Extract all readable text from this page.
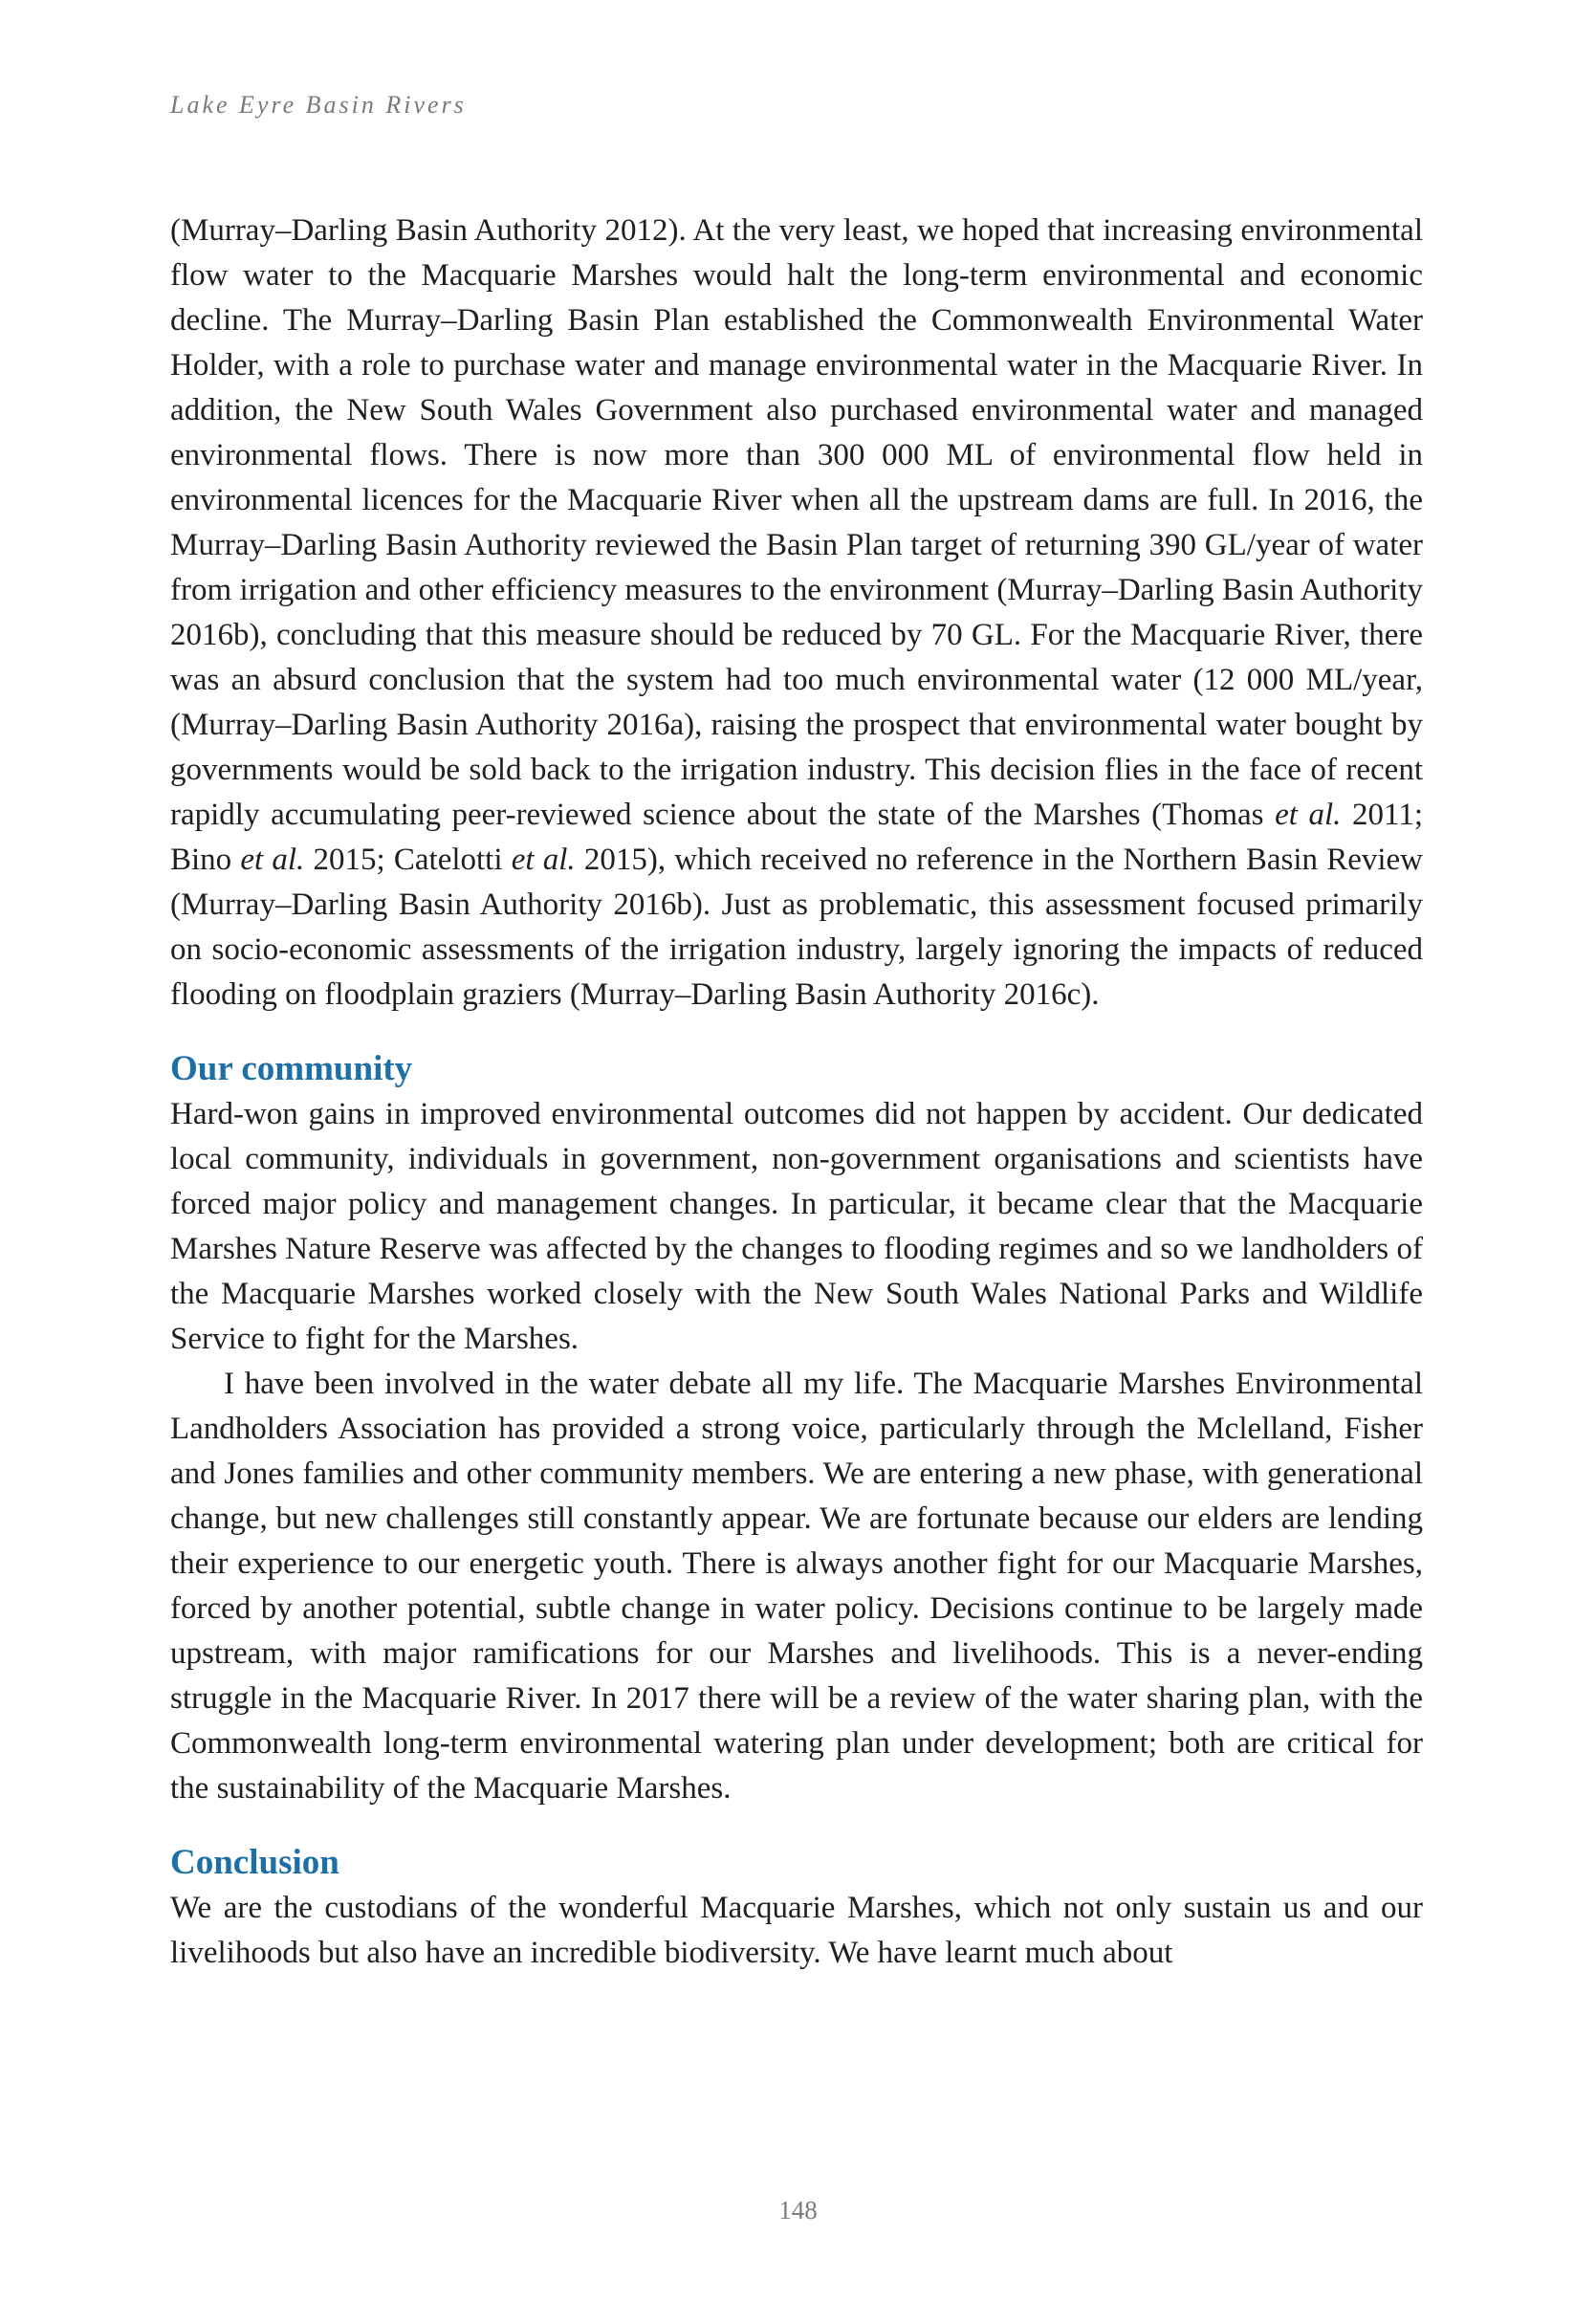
Lake Eyre Basin Rivers

(Murray–Darling Basin Authority 2012). At the very least, we hoped that increasing environmental flow water to the Macquarie Marshes would halt the long-term environmental and economic decline. The Murray–Darling Basin Plan established the Commonwealth Environmental Water Holder, with a role to purchase water and manage environmental water in the Macquarie River. In addition, the New South Wales Government also purchased environmental water and managed environmental flows. There is now more than 300 000 ML of environmental flow held in environmental licences for the Macquarie River when all the upstream dams are full. In 2016, the Murray–Darling Basin Authority reviewed the Basin Plan target of returning 390 GL/year of water from irrigation and other efficiency measures to the environment (Murray–Darling Basin Authority 2016b), concluding that this measure should be reduced by 70 GL. For the Macquarie River, there was an absurd conclusion that the system had too much environmental water (12 000 ML/year, (Murray–Darling Basin Authority 2016a), raising the prospect that environmental water bought by governments would be sold back to the irrigation industry. This decision flies in the face of recent rapidly accumulating peer-reviewed science about the state of the Marshes (Thomas et al. 2011; Bino et al. 2015; Catelotti et al. 2015), which received no reference in the Northern Basin Review (Murray–Darling Basin Authority 2016b). Just as problematic, this assessment focused primarily on socio-economic assessments of the irrigation industry, largely ignoring the impacts of reduced flooding on floodplain graziers (Murray–Darling Basin Authority 2016c).

Our community

Hard-won gains in improved environmental outcomes did not happen by accident. Our dedicated local community, individuals in government, non-government organisations and scientists have forced major policy and management changes. In particular, it became clear that the Macquarie Marshes Nature Reserve was affected by the changes to flooding regimes and so we landholders of the Macquarie Marshes worked closely with the New South Wales National Parks and Wildlife Service to fight for the Marshes.

I have been involved in the water debate all my life. The Macquarie Marshes Environmental Landholders Association has provided a strong voice, particularly through the Mclelland, Fisher and Jones families and other community members. We are entering a new phase, with generational change, but new challenges still constantly appear. We are fortunate because our elders are lending their experience to our energetic youth. There is always another fight for our Macquarie Marshes, forced by another potential, subtle change in water policy. Decisions continue to be largely made upstream, with major ramifications for our Marshes and livelihoods. This is a never-ending struggle in the Macquarie River. In 2017 there will be a review of the water sharing plan, with the Commonwealth long-term environmental watering plan under development; both are critical for the sustainability of the Macquarie Marshes.

Conclusion

We are the custodians of the wonderful Macquarie Marshes, which not only sustain us and our livelihoods but also have an incredible biodiversity. We have learnt much about

148
